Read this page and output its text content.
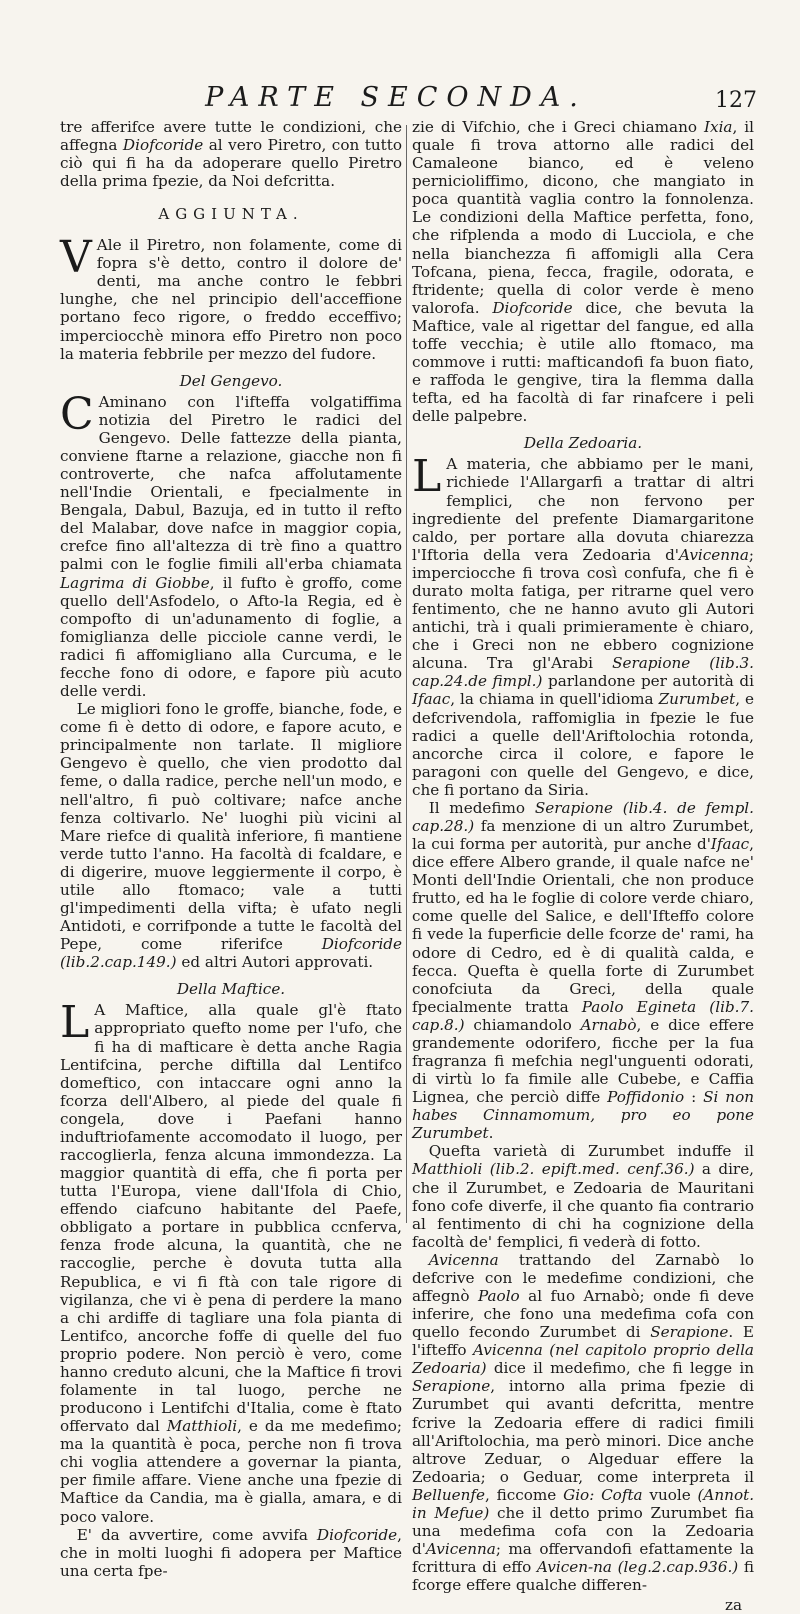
PARTE SECONDA.	127

tre afferifce avere tutte le condizioni, che affegna Diofcoride al vero Piretro, con tutto ciò qui fi ha da adoperare quello Piretro della prima fpezie, da Noi defcritta.

AGGIUNTA.

V Ale il Piretro, non folamente, come di fopra s'è detto, contro il dolore de' denti, ma anche contro le febbri lunghe, che nel principio dell'acceffione portano feco rigore, o freddo ecceffivo; imperciocchè minora effo Piretro non poco la materia febbrile per mezzo del fudore.

Del Gengevo.

C Aminano con l'ifteffa volgatiffima notizia del Piretro le radici del Gengevo. Delle fattezze della pianta, conviene ftarne a relazione, giacche non fi controverte, che nafca affolutamente nell'Indie Orientali, e fpecialmente in Bengala, Dabul, Bazuja, ed in tutto il refto del Malabar, dove nafce in maggior copia, crefce fino all'altezza di trè fino a quattro palmi con le foglie fimili all'erba chiamata Lagrima di Giobbe, il fufto è groffo, come quello dell'Asfodelo, o Afto-la Regia, ed è compofto di un'adunamento di foglie, a fomiglianza delle picciole canne verdi, le radici fi affomigliano alla Curcuma, e le fecche fono di odore, e fapore più acuto delle verdi.

Le migliori fono le groffe, bianche, fode, e come fi è detto di odore, e fapore acuto, e principalmente non tarlate. Il migliore Gengevo è quello, che vien prodotto dal feme, o dalla radice, perche nell'un modo, e nell'altro, fi può coltivare; nafce anche fenza coltivarlo. Ne' luoghi più vicini al Mare riefce di qualità inferiore, fi mantiene verde tutto l'anno. Ha facoltà di fcaldare, e di digerire, muove leggiermente il corpo, è utile allo ftomaco; vale a tutti gl'impedimenti della vifta; è ufato negli Antidoti, e corrifponde a tutte le facoltà del Pepe, come riferifce	Diofcoride (lib.2.cap.149.) ed altri Autori approvati.

Della Maftice.

L A Maftice, alla quale gl'è ftato appropriato quefto nome per l'ufo, che fi ha di mafticare è detta anche Ragia Lentifcina, perche diftilla dal Lentifco domeftico, con intaccare ogni anno la fcorza dell'Albero, al piede del quale fi congela, dove i Paefani hanno induftriofamente accomodato il luogo, per raccoglierla, fenza alcuna immondezza. La maggior quantità di effa, che fi porta per tutta l'Europa, viene dall'Ifola di Chio, effendo ciafcuno habitante del Paefe, obbligato a portare in pubblica ccnferva, fenza frode alcuna, la quantità, che ne raccoglie, perche è dovuta tutta alla Republica, e vi fi ftà con tale rigore di vigilanza, che vi è pena di perdere la mano a chi ardiffe di tagliare una fola pianta di Lentifco, ancorche foffe di quelle del fuo proprio podere. Non perciò è vero, come hanno creduto alcuni, che la Maftice fi trovi folamente in tal luogo, perche ne producono i Lentifchi d'Italia, come è ftato offervato dal Matthioli, e da me medefimo; ma la quantità è poca, perche non fi trova chi voglia attendere a governar la pianta, per fimile affare. Viene anche una fpezie di Maftice da Candia, ma è gialla, amara, e di poco valore.

E' da avvertire, come avvifa Diofcoride, che in molti luoghi fi adopera per Maftice una certa fpe-

zie di Vifchio, che i Greci chiamano Ixia, il quale fi trova attorno alle radici del Camaleone bianco, ed è veleno pernicioliffimo, dicono, che mangiato in poca quantità vaglia contro la fonnolenza. Le condizioni della Maftice perfetta, fono, che rifplenda a modo di Lucciola, e che nella bianchezza fi affomigli alla Cera Tofcana, piena, fecca, fragile, odorata, e ftridente; quella di color verde è meno valorofa. Diofcoride dice, che bevuta la Maftice, vale al rigettar del fangue, ed alla toffe vecchia; è utile allo ftomaco, ma commove i rutti: mafticandofi fa buon fiato, e raffoda le gengive, tira la flemma dalla tefta, ed ha facoltà di far rinafcere i peli delle palpebre.

Della Zedoaria.

L A materia, che abbiamo per le mani, richiede l'Allargarfi a trattar di altri femplici, che non fervono per ingrediente del prefente Diamargaritone caldo, per portare alla dovuta chiarezza l'Iftoria della vera Zedoaria d'Avicenna; imperciocche fi trova così confufa, che fi è durato molta fatiga, per ritrarne quel vero fentimento, che ne hanno avuto gli Autori antichi, trà i quali primieramente è chiaro, che i Greci non ne ebbero cognizione alcuna. Tra gl'Arabi Serapione (lib.3. cap.24.de fimpl.) parlandone per autorità di Ifaac, la chiama in quell'idioma Zurumbet, e defcrivendola, raffomiglia in fpezie le fue radici a quelle dell'Ariftolochia rotonda, ancorche circa il colore, e fapore le paragoni con quelle del Gengevo, e dice, che fi portano da Siria.

Il medefimo Serapione (lib.4. de fempl. cap.28.) fa menzione di un altro Zurumbet, la cui forma per autorità, pur anche d'Ifaac, dice effere Albero grande, il quale nafce ne' Monti dell'Indie Orientali, che non produce frutto, ed ha le foglie di colore verde chiaro, come quelle del Salice, e dell'Ifteffo colore fi vede la fuperficie delle fcorze de' rami, ha odore di Cedro, ed è di qualità calda, e fecca. Quefta è quella forte di Zurumbet conofciuta da Greci, della quale fpecialmente tratta Paolo Egineta (lib.7. cap.8.) chiamandolo Arnabò, e dice effere grandemente odorifero, ficche per la fua fragranza fi mefchia negl'unguenti odorati, di virtù lo fa fimile alle Cubebe, e Caffia Lignea, che perciò diffe Poffidonio : Si non habes Cinnamomum, pro eo pone Zurumbet.

Quefta varietà di Zurumbet induffe il Matthioli (lib.2. epift.med. cenf.36.) a dire, che il Zurumbet, e Zedoaria de Mauritani fono cofe diverfe, il che quanto fia contrario al fentimento di chi ha cognizione della facoltà de' femplici, fi vederà di fotto.

Avicenna trattando del Zarnabò lo defcrive con le medefime condizioni, che affegnò Paolo al fuo Arnabò; onde fi deve inferire, che fono una medefima cofa con quello fecondo Zurumbet di Serapione. E l'ifteffo Avicenna (nel capitolo proprio della Zedoaria) dice il medefimo, che fi legge in Serapione, intorno alla prima fpezie di Zurumbet qui avanti defcritta, mentre fcrive la Zedoaria effere di radici fimili all'Ariftolochia, ma però minori. Dice anche altrove Zeduar, o Algeduar effere la Zedoaria; o Geduar, come interpreta il Belluenfe, ficcome Gio: Cofta vuole (Annot. in Mefue) che il detto primo Zurumbet fia una medefima cofa con la Zedoaria d'Avicenna; ma offervandofi efattamente la fcrittura di effo Avicen-na (leg.2.cap.936.) fi fcorge effere qualche differen-

za
